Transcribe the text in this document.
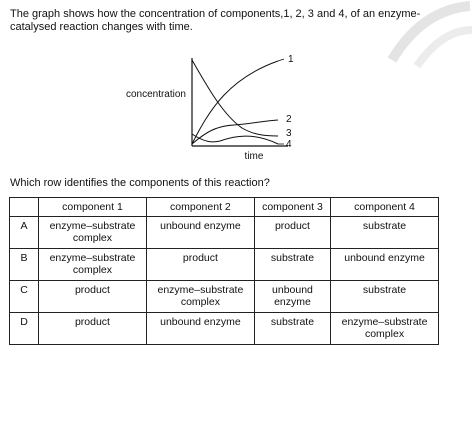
The graph shows how the concentration of components,1, 2, 3 and 4, of an enzyme-catalysed reaction changes with time.
concentration
time
1
2
3
4
Which row identifies the components of this reaction?
	component 1	component 2	component 3	component 4
A	enzyme–substrate complex	unbound enzyme	product	substrate
B	enzyme–substrate complex	product	substrate	unbound enzyme
C	product	enzyme–substrate complex	unbound enzyme	substrate
D	product	unbound enzyme	substrate	enzyme–substrate complex
